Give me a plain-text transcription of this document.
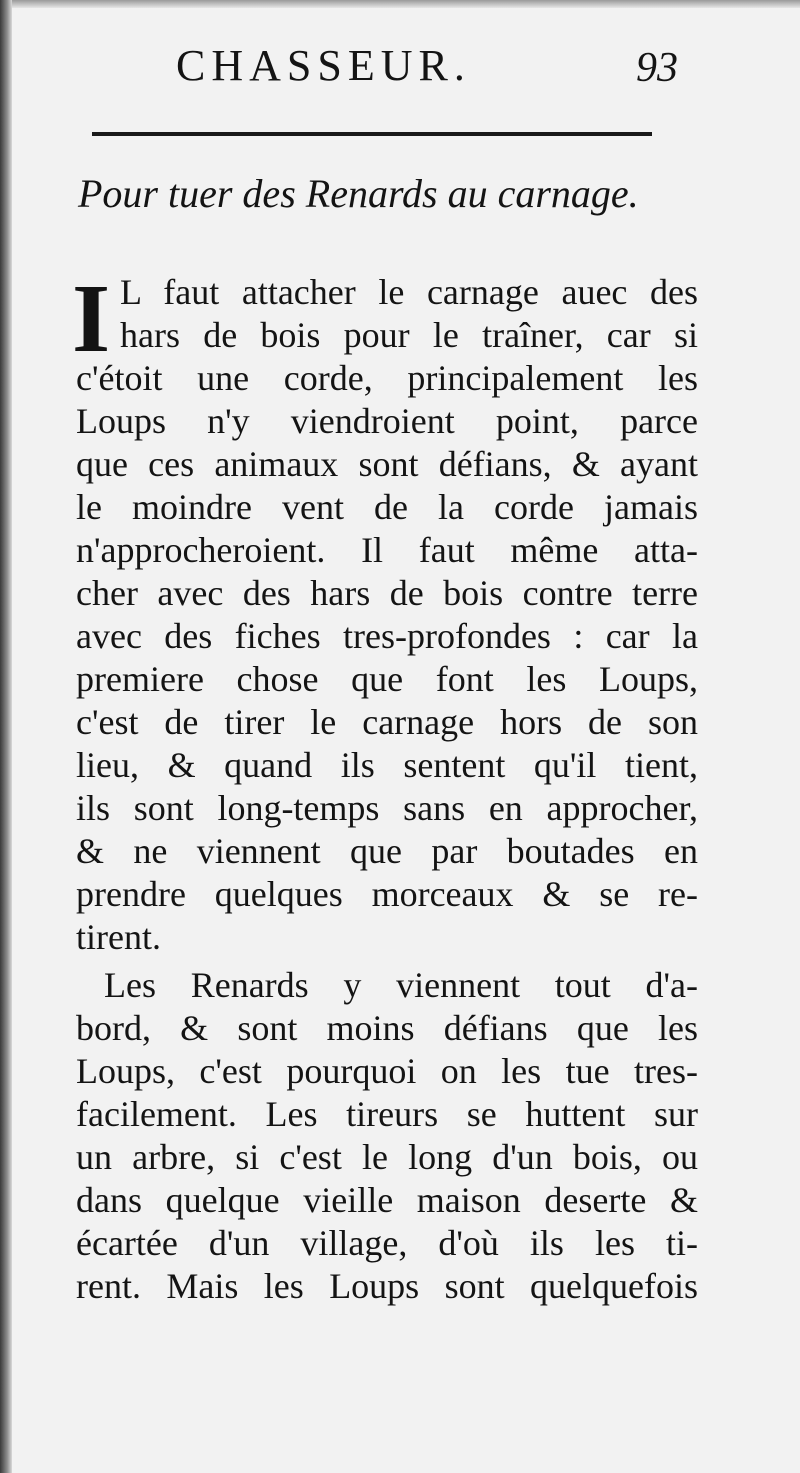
CHASSEUR.	93
Pour tuer des Renards au carnage.
I L faut attacher le carnage auec des
hars de bois pour le traîner, car si
c'étoit une corde, principalement les
Loups n'y viendroient point, parce
que ces animaux sont défians, & ayant
le moindre vent de la corde jamais
n'approcheroient. Il faut même atta-
cher avec des hars de bois contre terre
avec des fiches tres-profondes : car la
premiere chose que font les Loups,
c'est de tirer le carnage hors de son
lieu, & quand ils sentent qu'il tient,
ils sont long-temps sans en approcher,
& ne viennent que par boutades en
prendre quelques morceaux & se re-
tirent.
Les Renards y viennent tout d'a-
bord, & sont moins défians que les
Loups, c'est pourquoi on les tue tres-
facilement. Les tireurs se huttent sur
un arbre, si c'est le long d'un bois, ou
dans quelque vieille maison deserte &
écartée d'un village, d'où ils les ti-
rent. Mais les Loups sont quelquefois
